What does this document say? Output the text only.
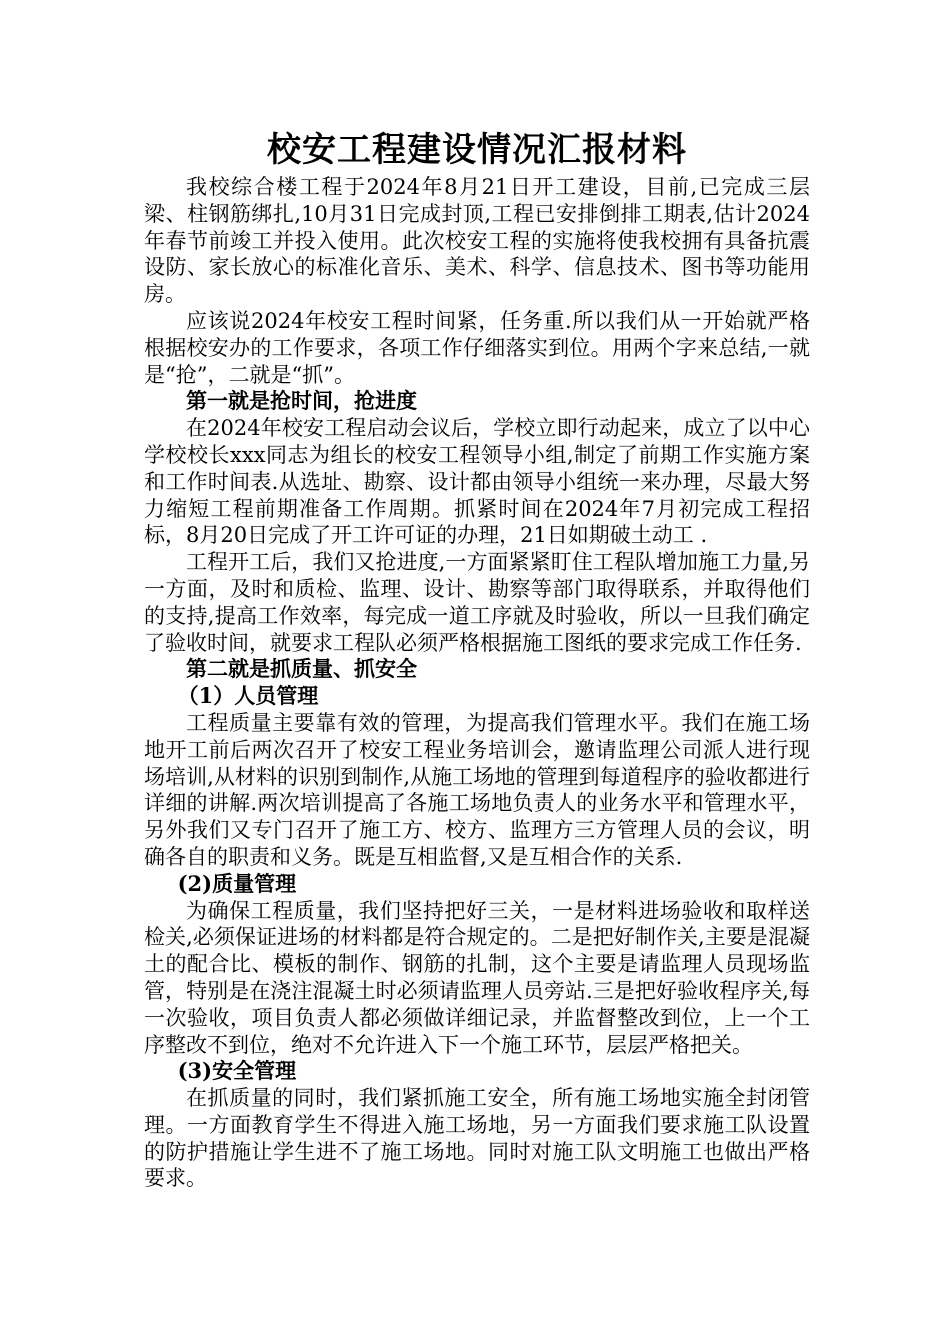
校安工程建设情况汇报材料

我校综合楼工程于2024年8月21日开工建设，目前,已完成三层梁、柱钢筋绑扎,10月31日完成封顶,工程已安排倒排工期表,估计2024年春节前竣工并投入使用。此次校安工程的实施将使我校拥有具备抗震设防、家长放心的标准化音乐、美术、科学、信息技术、图书等功能用房。

应该说2024年校安工程时间紧，任务重.所以我们从一开始就严格根据校安办的工作要求，各项工作仔细落实到位。用两个字来总结,一就是“抢”，二就是“抓”。

第一就是抢时间，抢进度

在2024年校安工程启动会议后，学校立即行动起来，成立了以中心学校校长xxx同志为组长的校安工程领导小组,制定了前期工作实施方案和工作时间表.从选址、勘察、设计都由领导小组统一来办理，尽最大努力缩短工程前期准备工作周期。抓紧时间在2024年7月初完成工程招标，8月20日完成了开工许可证的办理，21日如期破土动工 .

工程开工后，我们又抢进度,一方面紧紧盯住工程队增加施工力量,另一方面，及时和质检、监理、设计、勘察等部门取得联系，并取得他们的支持,提高工作效率，每完成一道工序就及时验收，所以一旦我们确定了验收时间，就要求工程队必须严格根据施工图纸的要求完成工作任务.

第二就是抓质量、抓安全

（1）人员管理

工程质量主要靠有效的管理，为提高我们管理水平。我们在施工场地开工前后两次召开了校安工程业务培训会，邀请监理公司派人进行现场培训,从材料的识别到制作,从施工场地的管理到每道程序的验收都进行详细的讲解.两次培训提高了各施工场地负责人的业务水平和管理水平，另外我们又专门召开了施工方、校方、监理方三方管理人员的会议，明确各自的职责和义务。既是互相监督,又是互相合作的关系.

(2)质量管理

为确保工程质量，我们坚持把好三关，一是材料进场验收和取样送检关,必须保证进场的材料都是符合规定的。二是把好制作关,主要是混凝土的配合比、模板的制作、钢筋的扎制，这个主要是请监理人员现场监管，特别是在浇注混凝土时必须请监理人员旁站.三是把好验收程序关,每一次验收，项目负责人都必须做详细记录，并监督整改到位，上一个工序整改不到位，绝对不允许进入下一个施工环节，层层严格把关。

(3)安全管理

在抓质量的同时，我们紧抓施工安全，所有施工场地实施全封闭管理。一方面教育学生不得进入施工场地，另一方面我们要求施工队设置的防护措施让学生进不了施工场地。同时对施工队文明施工也做出严格要求。
